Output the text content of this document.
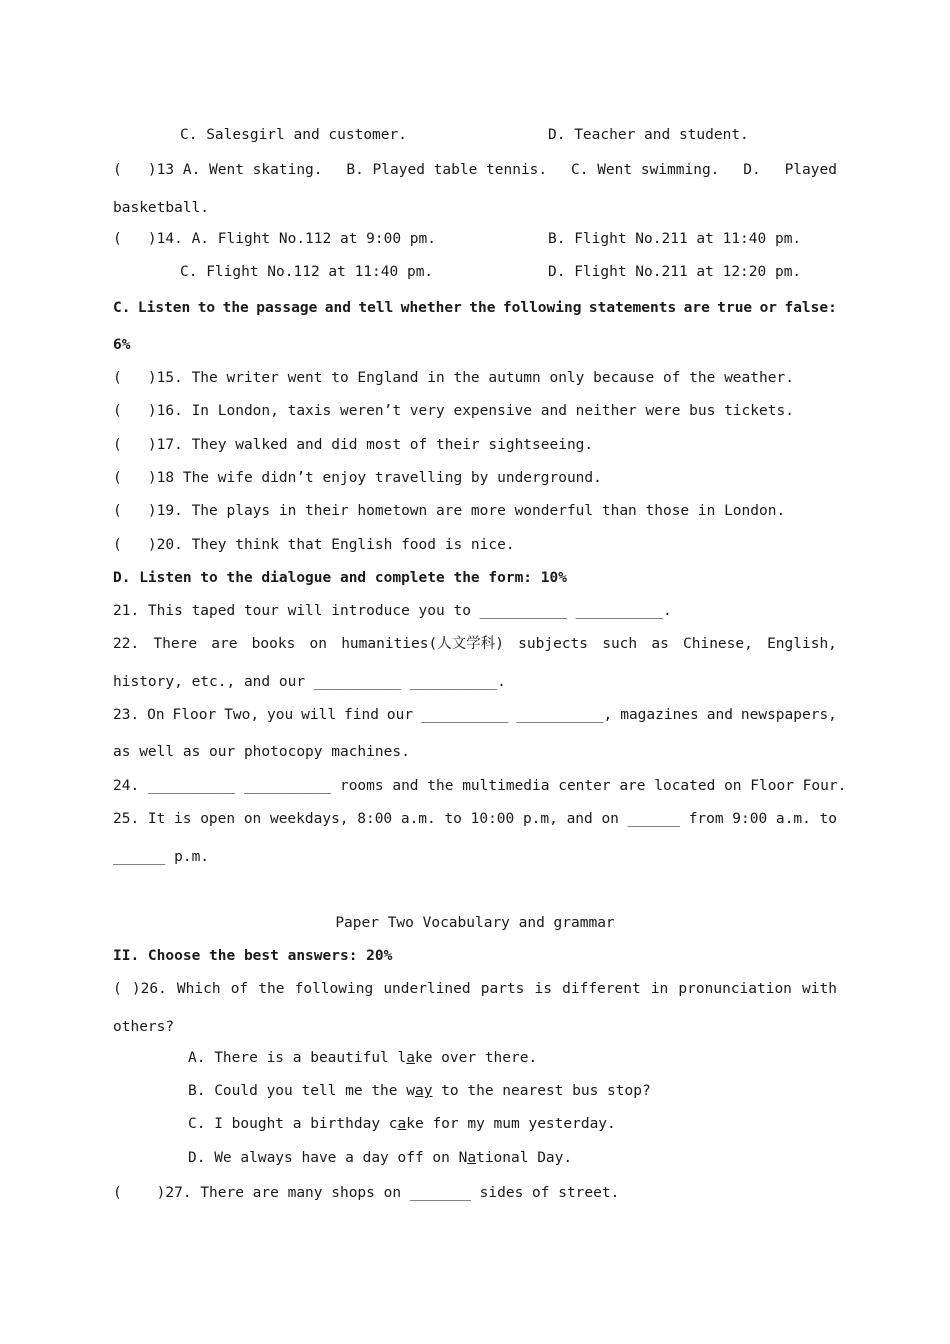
C. Salesgirl and customer.	D. Teacher and student.
(   )13 A. Went skating. B. Played table tennis. C. Went swimming. D. Played
basketball.
(   )14. A. Flight No.112 at 9:00 pm.	B. Flight No.211 at 11:40 pm.
C. Flight No.112 at 11:40 pm.	D. Flight No.211 at 12:20 pm.
C. Listen to the passage and tell whether the following statements are true or false:
6%
(   )15. The writer went to England in the autumn only because of the weather.
(   )16. In London, taxis weren’t very expensive and neither were bus tickets.
(   )17. They walked and did most of their sightseeing.
(   )18 The wife didn’t enjoy travelling by underground.
(   )19. The plays in their hometown are more wonderful than those in London.
(   )20. They think that English food is nice.
D. Listen to the dialogue and complete the form: 10%
21. This taped tour will introduce you to __________ __________.
22. There are books on humanities(人文学科) subjects such as Chinese, English,
history, etc., and our __________ __________.
23. On Floor Two, you will find our __________ __________, magazines and newspapers,
as well as our photocopy machines.
24. __________ __________ rooms and the multimedia center are located on Floor Four.
25. It is open on weekdays, 8:00 a.m. to 10:00 p.m, and on ______ from 9:00 a.m. to
______ p.m.
Paper Two Vocabulary and grammar
II. Choose the best answers: 20%
( )26. Which of the following underlined parts is different in pronunciation with
others?
A. There is a beautiful lake over there.
B. Could you tell me the way to the nearest bus stop?
C. I bought a birthday cake for my mum yesterday.
D. We always have a day off on National Day.
(    )27. There are many shops on _______ sides of street.
